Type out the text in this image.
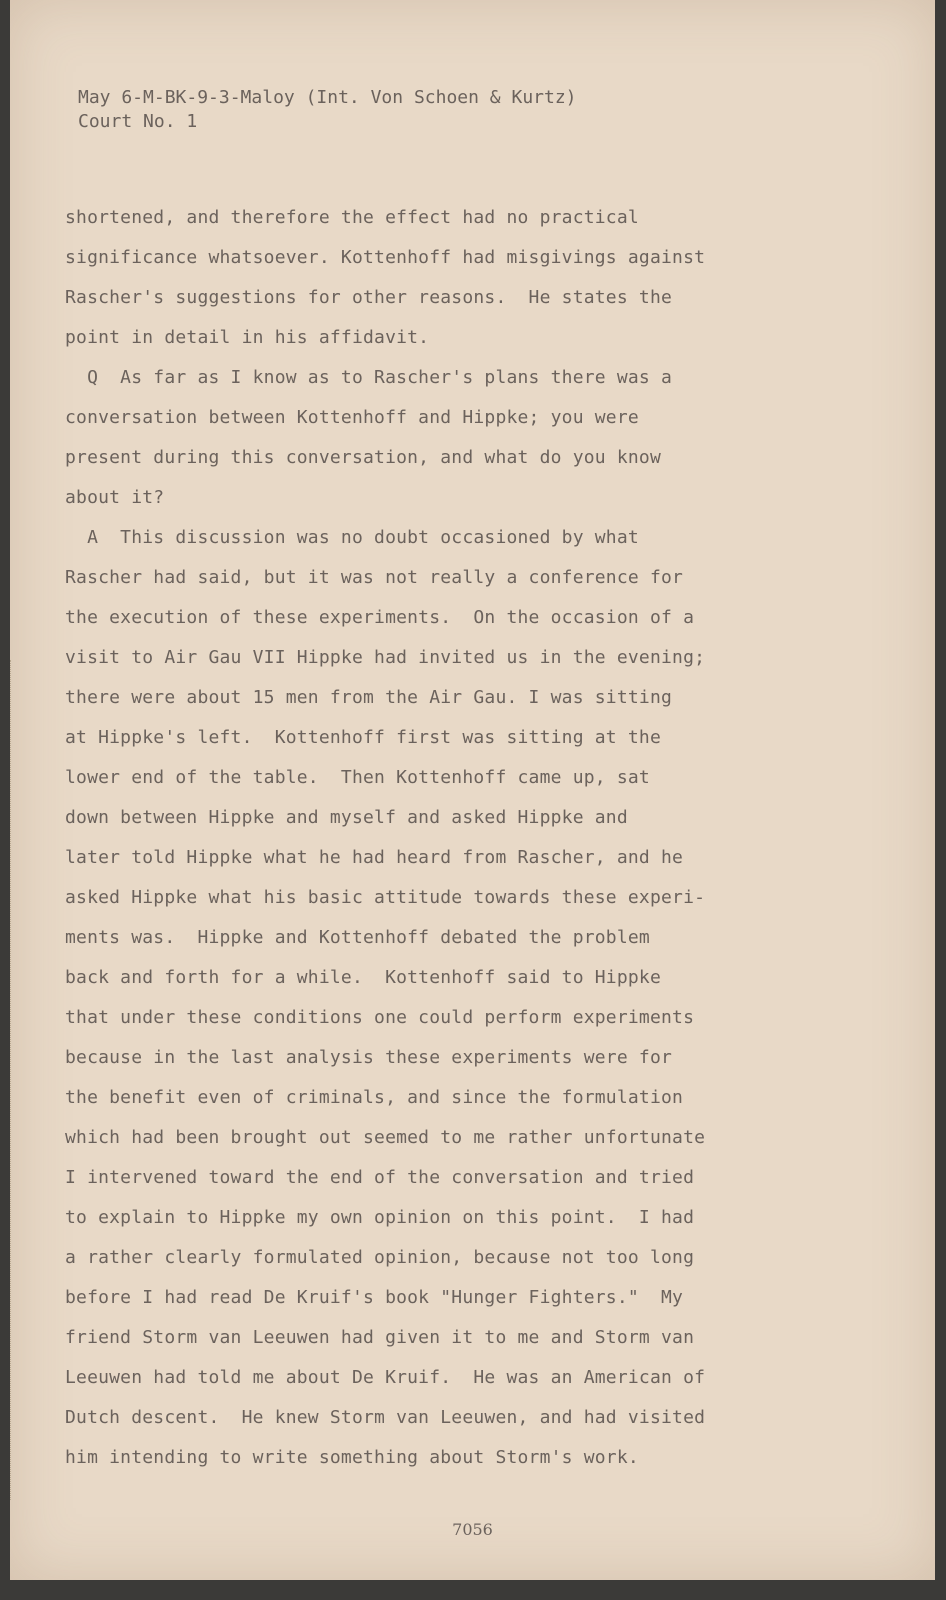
May 6-M-BK-9-3-Maloy (Int. Von Schoen & Kurtz)
Court No. 1
shortened, and therefore the effect had no practical
significance whatsoever. Kottenhoff had misgivings against
Rascher's suggestions for other reasons.  He states the
point in detail in his affidavit.
Q  As far as I know as to Rascher's plans there was a
conversation between Kottenhoff and Hippke; you were
present during this conversation, and what do you know
about it?
A  This discussion was no doubt occasioned by what
Rascher had said, but it was not really a conference for
the execution of these experiments.  On the occasion of a
visit to Air Gau VII Hippke had invited us in the evening;
there were about 15 men from the Air Gau. I was sitting
at Hippke's left.  Kottenhoff first was sitting at the
lower end of the table.  Then Kottenhoff came up, sat
down between Hippke and myself and asked Hippke and
later told Hippke what he had heard from Rascher, and he
asked Hippke what his basic attitude towards these experi-
ments was.  Hippke and Kottenhoff debated the problem
back and forth for a while.  Kottenhoff said to Hippke
that under these conditions one could perform experiments
because in the last analysis these experiments were for
the benefit even of criminals, and since the formulation
which had been brought out seemed to me rather unfortunate
I intervened toward the end of the conversation and tried
to explain to Hippke my own opinion on this point.  I had
a rather clearly formulated opinion, because not too long
before I had read De Kruif's book "Hunger Fighters."  My
friend Storm van Leeuwen had given it to me and Storm van
Leeuwen had told me about De Kruif.  He was an American of
Dutch descent.  He knew Storm van Leeuwen, and had visited
him intending to write something about Storm's work.
7056
